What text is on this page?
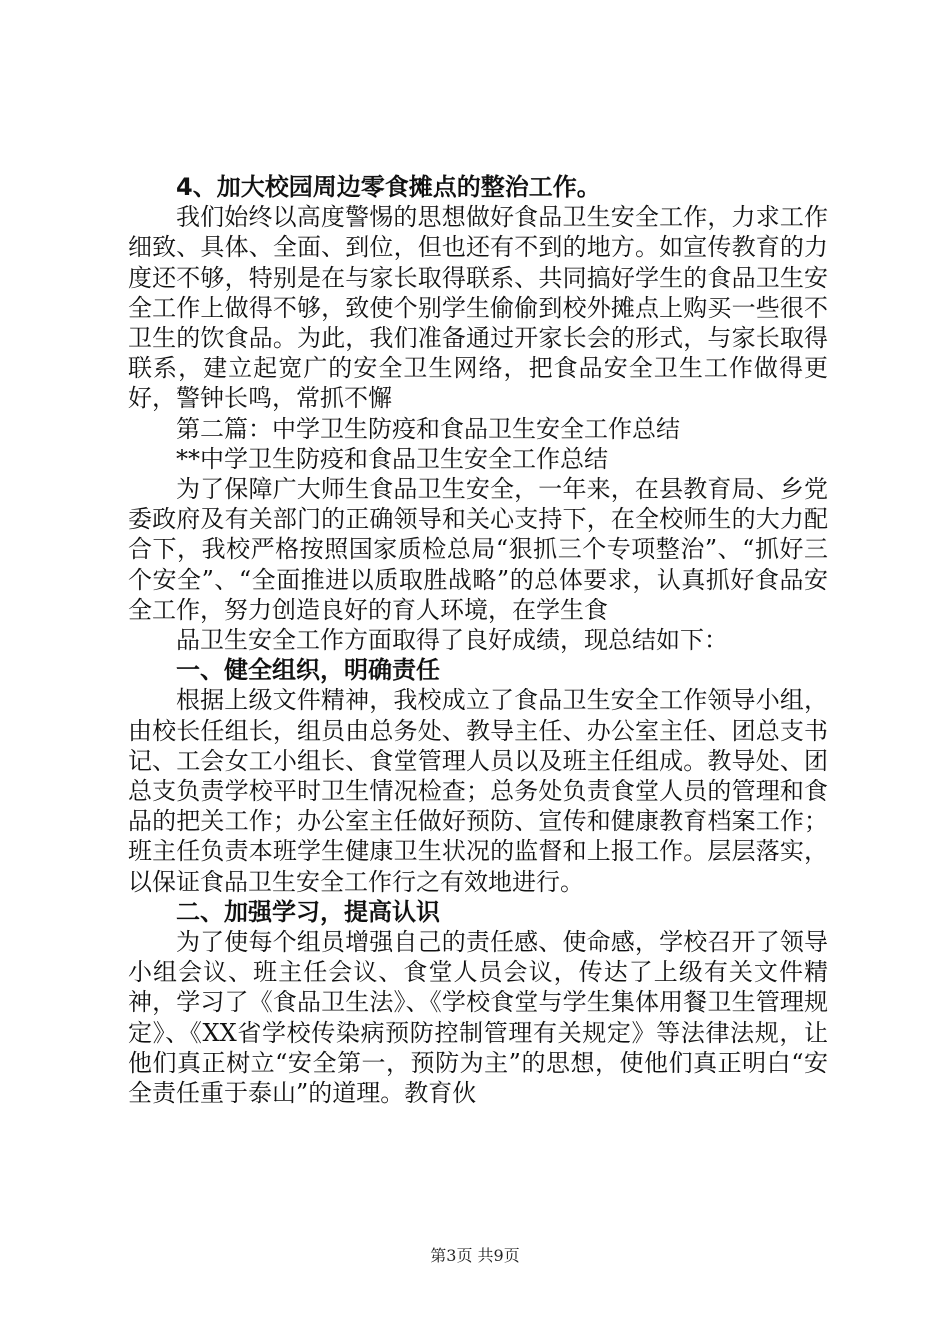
4、加大校园周边零食摊点的整治工作。

我们始终以高度警惕的思想做好食品卫生安全工作，力求工作细致、具体、全面、到位，但也还有不到的地方。如宣传教育的力度还不够，特别是在与家长取得联系、共同搞好学生的食品卫生安全工作上做得不够，致使个别学生偷偷到校外摊点上购买一些很不卫生的饮食品。为此，我们准备通过开家长会的形式，与家长取得联系，建立起宽广的安全卫生网络，把食品安全卫生工作做得更好，警钟长鸣，常抓不懈

第二篇：中学卫生防疫和食品卫生安全工作总结

**中学卫生防疫和食品卫生安全工作总结

为了保障广大师生食品卫生安全，一年来，在县教育局、乡党委政府及有关部门的正确领导和关心支持下，在全校师生的大力配合下，我校严格按照国家质检总局“狠抓三个专项整治”、“抓好三个安全”、“全面推进以质取胜战略”的总体要求，认真抓好食品安全工作，努力创造良好的育人环境，在学生食

品卫生安全工作方面取得了良好成绩，现总结如下：

一、健全组织，明确责任

根据上级文件精神，我校成立了食品卫生安全工作领导小组，由校长任组长，组员由总务处、教导主任、办公室主任、团总支书记、工会女工小组长、食堂管理人员以及班主任组成。教导处、团总支负责学校平时卫生情况检查；总务处负责食堂人员的管理和食品的把关工作；办公室主任做好预防、宣传和健康教育档案工作；班主任负责本班学生健康卫生状况的监督和上报工作。层层落实，以保证食品卫生安全工作行之有效地进行。

二、加强学习，提高认识

为了使每个组员增强自己的责任感、使命感，学校召开了领导小组会议、班主任会议、食堂人员会议，传达了上级有关文件精神，学习了《食品卫生法》、《学校食堂与学生集体用餐卫生管理规定》、《XX省学校传染病预防控制管理有关规定》等法律法规，让他们真正树立“安全第一，预防为主”的思想，使他们真正明白“安全责任重于泰山”的道理。教育伙

第3页 共9页
